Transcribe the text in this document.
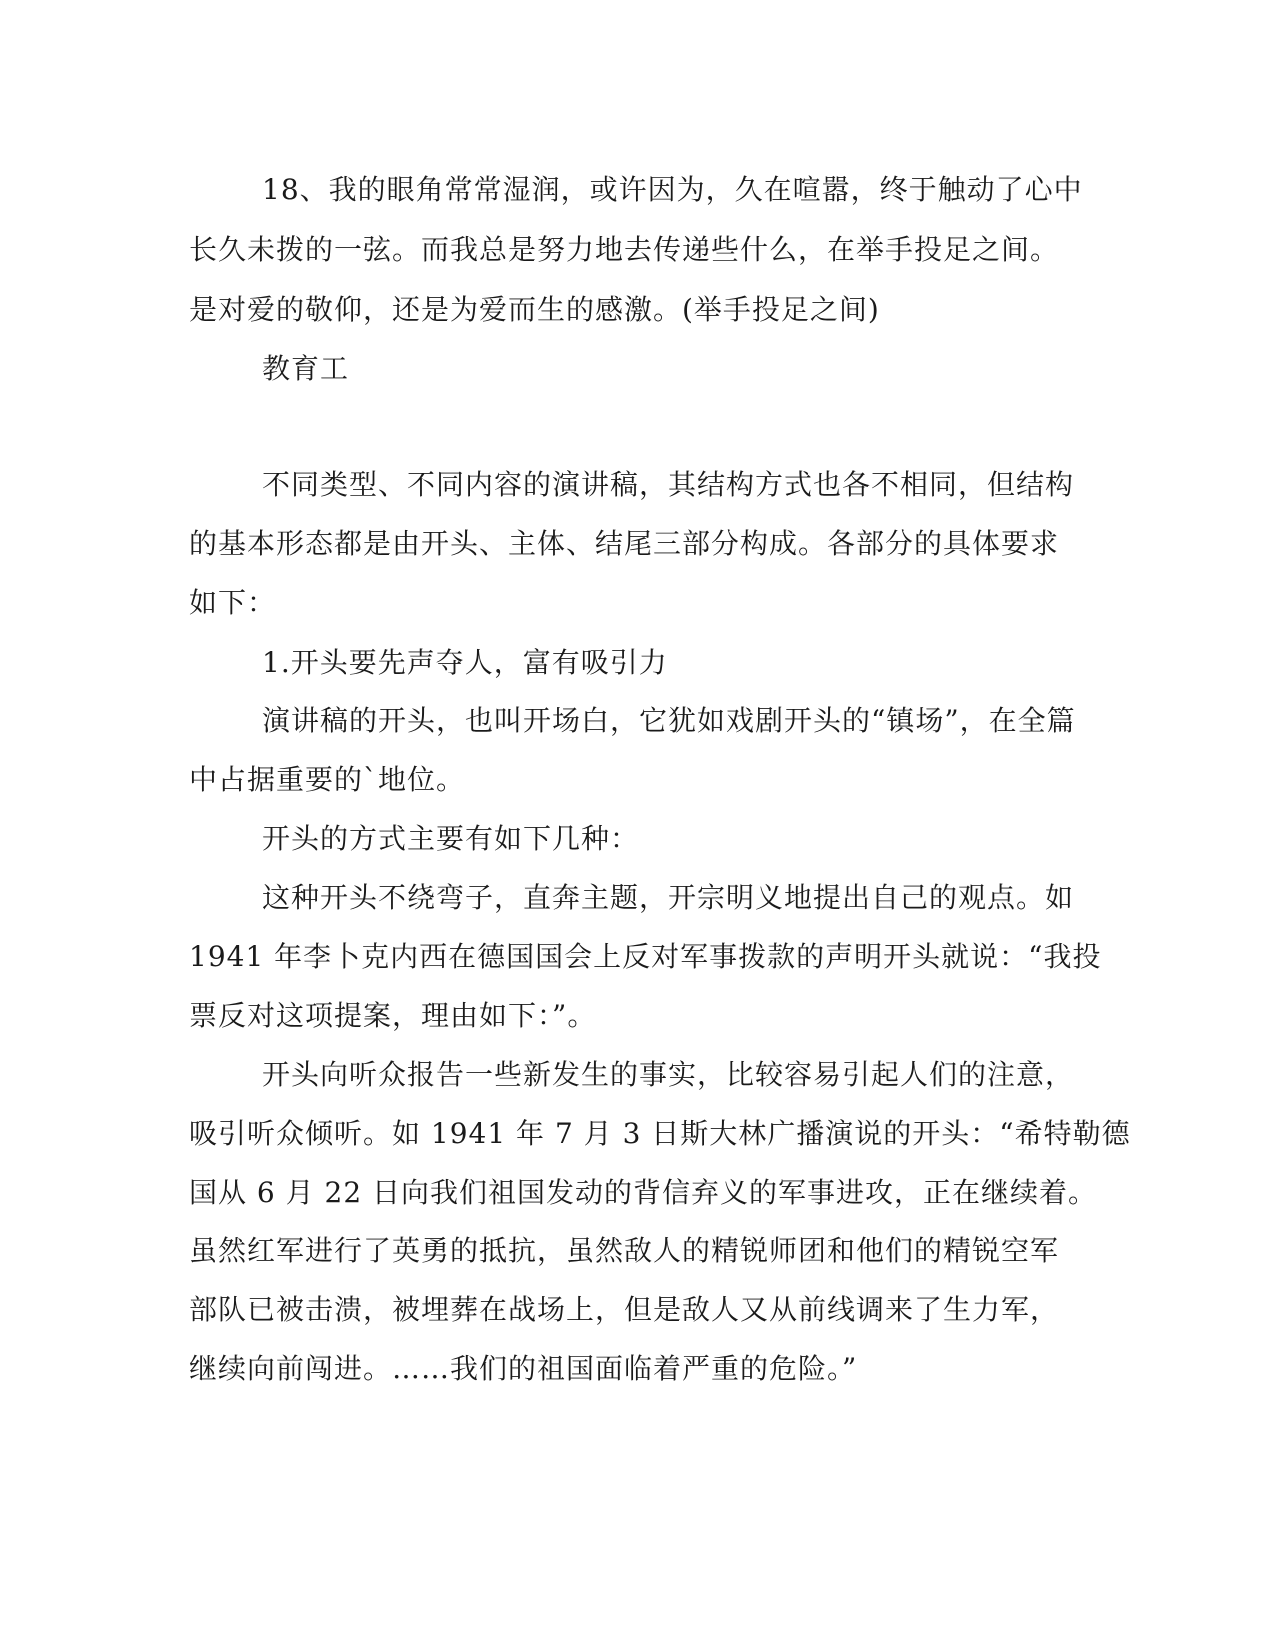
18、我的眼角常常湿润，或许因为，久在喧嚣，终于触动了心中
长久未拨的一弦。而我总是努力地去传递些什么，在举手投足之间。
是对爱的敬仰，还是为爱而生的感激。(举手投足之间)
教育工
不同类型、不同内容的演讲稿，其结构方式也各不相同，但结构
的基本形态都是由开头、主体、结尾三部分构成。各部分的具体要求
如下：
1.开头要先声夺人，富有吸引力
演讲稿的开头，也叫开场白，它犹如戏剧开头的“镇场”，在全篇
中占据重要的`地位。
开头的方式主要有如下几种：
这种开头不绕弯子，直奔主题，开宗明义地提出自己的观点。如
1941 年李卜克内西在德国国会上反对军事拨款的声明开头就说：“我投
票反对这项提案，理由如下：”。
开头向听众报告一些新发生的事实，比较容易引起人们的注意，
吸引听众倾听。如 1941 年 7 月 3 日斯大林广播演说的开头：“希特勒德
国从 6 月 22 日向我们祖国发动的背信弃义的军事进攻，正在继续着。
虽然红军进行了英勇的抵抗，虽然敌人的精锐师团和他们的精锐空军
部队已被击溃，被埋葬在战场上，但是敌人又从前线调来了生力军，
继续向前闯进。……我们的祖国面临着严重的危险。”
